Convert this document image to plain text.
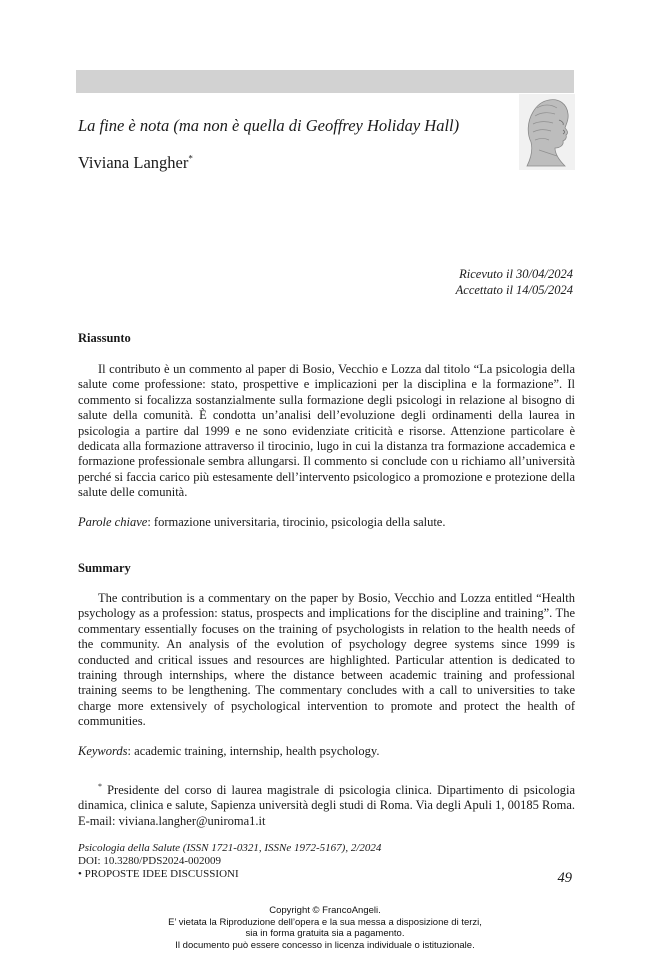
La fine è nota (ma non è quella di Geoffrey Holiday Hall)
Viviana Langher*
Ricevuto il 30/04/2024
Accettato il 14/05/2024
Riassunto

Il contributo è un commento al paper di Bosio, Vecchio e Lozza dal titolo “La psicologia della salute come professione: stato, prospettive e implicazioni per la disciplina e la formazione”. Il commento si focalizza sostanzialmente sulla formazione degli psicologi in relazione al bisogno di salute della comunità. È condotta un’analisi dell’evoluzione degli ordinamenti della laurea in psicologia a partire dal 1999 e ne sono evidenziate criticità e risorse. Attenzione particolare è dedicata alla formazione attraverso il tirocinio, lugo in cui la distanza tra formazione accademica e formazione professionale sembra allungarsi. Il commento si conclude con u richiamo all’università perché si faccia carico più estesamente dell’intervento psicologico a promozione e protezione della salute delle comunità.

Parole chiave: formazione universitaria, tirocinio, psicologia della salute.
Summary

The contribution is a commentary on the paper by Bosio, Vecchio and Lozza entitled “Health psychology as a profession: status, prospects and implications for the discipline and training”. The commentary essentially focuses on the training of psychologists in relation to the health needs of the community. An analysis of the evolution of psychology degree systems since 1999 is conducted and critical issues and resources are highlighted. Particular attention is dedicated to training through internships, where the distance between academic training and professional training seems to be lengthening. The commentary concludes with a call to universities to take charge more extensively of psychological intervention to promote and protect the health of communities.

Keywords: academic training, internship, health psychology.

* Presidente del corso di laurea magistrale di psicologia clinica. Dipartimento di psicologia dinamica, clinica e salute, Sapienza università degli studi di Roma. Via degli Apuli 1, 00185 Roma. E-mail: viviana.langher@uniroma1.it

Psicologia della Salute (ISSN 1721-0321, ISSNe 1972-5167), 2/2024
DOI: 10.3280/PDS2024-002009
• PROPOSTE IDEE DISCUSSIONI	49
Copyright © FrancoAngeli.
E’ vietata la Riproduzione dell’opera e la sua messa a disposizione di terzi,
sia in forma gratuita sia a pagamento.
Il documento può essere concesso in licenza individuale o istituzionale.
